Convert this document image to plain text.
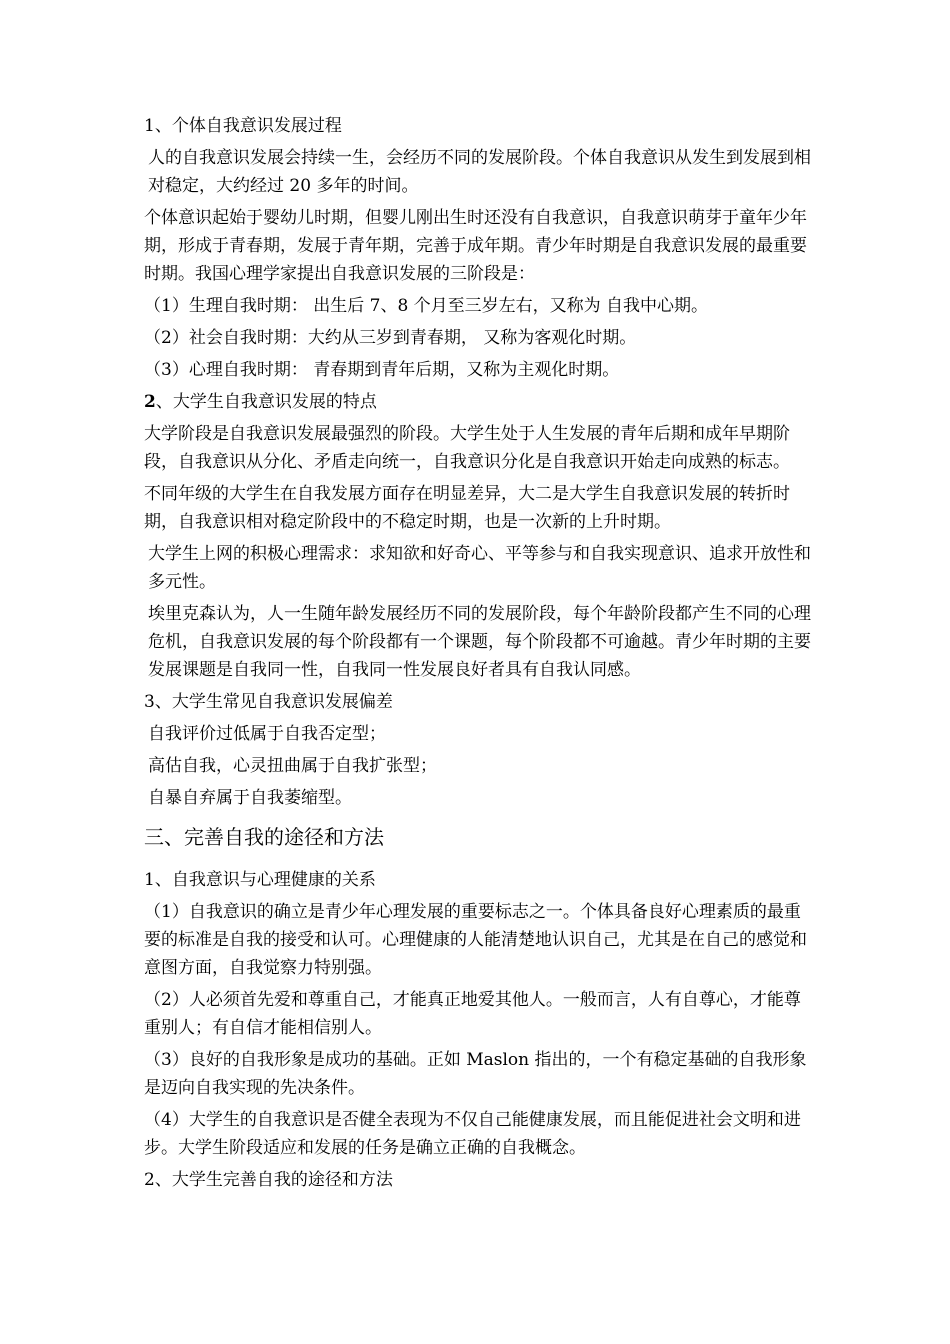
1、个体自我意识发展过程

人的自我意识发展会持续一生，会经历不同的发展阶段。个体自我意识从发生到发展到相对稳定，大约经过 20 多年的时间。

个体意识起始于婴幼儿时期，但婴儿刚出生时还没有自我意识，自我意识萌芽于童年少年期，形成于青春期，发展于青年期，完善于成年期。青少年时期是自我意识发展的最重要时期。我国心理学家提出自我意识发展的三阶段是：

（1）生理自我时期： 出生后 7、8 个月至三岁左右，又称为 自我中心期。

（2）社会自我时期：大约从三岁到青春期， 又称为客观化时期。

（3）心理自我时期： 青春期到青年后期，又称为主观化时期。

2、大学生自我意识发展的特点

大学阶段是自我意识发展最强烈的阶段。大学生处于人生发展的青年后期和成年早期阶段，自我意识从分化、矛盾走向统一，自我意识分化是自我意识开始走向成熟的标志。

不同年级的大学生在自我发展方面存在明显差异，大二是大学生自我意识发展的转折时期，自我意识相对稳定阶段中的不稳定时期，也是一次新的上升时期。

大学生上网的积极心理需求：求知欲和好奇心、平等参与和自我实现意识、追求开放性和多元性。

埃里克森认为，人一生随年龄发展经历不同的发展阶段，每个年龄阶段都产生不同的心理危机，自我意识发展的每个阶段都有一个课题，每个阶段都不可逾越。青少年时期的主要发展课题是自我同一性，自我同一性发展良好者具有自我认同感。

3、大学生常见自我意识发展偏差

自我评价过低属于自我否定型；

高估自我，心灵扭曲属于自我扩张型；

自暴自弃属于自我萎缩型。

三、完善自我的途径和方法

1、自我意识与心理健康的关系

（1）自我意识的确立是青少年心理发展的重要标志之一。个体具备良好心理素质的最重要的标准是自我的接受和认可。心理健康的人能清楚地认识自己，尤其是在自己的感觉和意图方面，自我觉察力特别强。

（2）人必须首先爱和尊重自己，才能真正地爱其他人。一般而言，人有自尊心，才能尊重别人；有自信才能相信别人。

（3）良好的自我形象是成功的基础。正如 Maslon 指出的，一个有稳定基础的自我形象是迈向自我实现的先决条件。

（4）大学生的自我意识是否健全表现为不仅自己能健康发展，而且能促进社会文明和进步。大学生阶段适应和发展的任务是确立正确的自我概念。

2、大学生完善自我的途径和方法
